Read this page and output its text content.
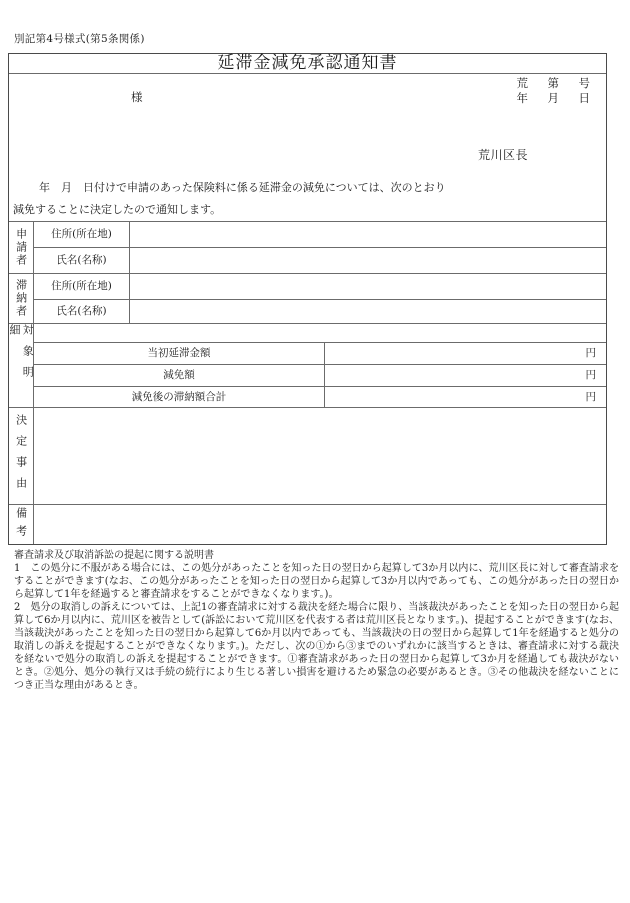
別記第4号様式(第5条関係)
延滞金減免承認通知書
荒　第　号
年　月　日
様
荒川区長
年　月　日付けで申請のあった保険料に係る延滞金の減免については、次のとおり
減免することに決定したので通知します。
申請者	住所(所在地)
氏名(名称)
滞納者	住所(所在地)
氏名(名称)
対象明細
当初延滞金額	円
減免額	円
減免後の滞納額合計	円
決定事由
備考

審査請求及び取消訴訟の提起に関する説明書

1　この処分に不服がある場合には、この処分があったことを知った日の翌日から起算して3か月以内に、荒川区長に対して審査請求をすることができます(なお、この処分があったことを知った日の翌日から起算して3か月以内であっても、この処分があった日の翌日から起算して1年を経過すると審査請求をすることができなくなります。)。

2　処分の取消しの訴えについては、上記1の審査請求に対する裁決を経た場合に限り、当該裁決があったことを知った日の翌日から起算して6か月以内に、荒川区を被告として(訴訟において荒川区を代表する者は荒川区長となります。)、提起することができます(なお、当該裁決があったことを知った日の翌日から起算して6か月以内であっても、当該裁決の日の翌日から起算して1年を経過すると処分の取消しの訴えを提起することができなくなります。)。ただし、次の①から③までのいずれかに該当するときは、審査請求に対する裁決を経ないで処分の取消しの訴えを提起することができます。①審査請求があった日の翌日から起算して3か月を経過しても裁決がないとき。②処分、処分の執行又は手続の続行により生じる著しい損害を避けるため緊急の必要があるとき。③その他裁決を経ないことにつき正当な理由があるとき。
